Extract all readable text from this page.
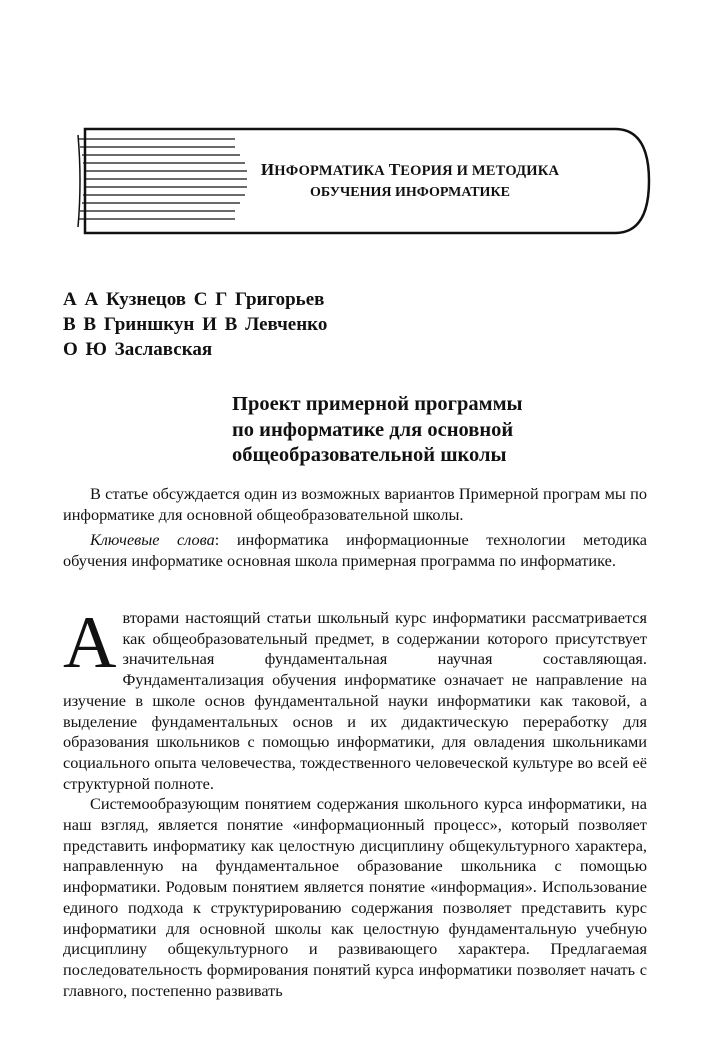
ИНФОРМАТИКА ТЕОРИЯ И МЕТОДИКА
ОБУЧЕНИЯ ИНФОРМАТИКЕ
А А Кузнецов С Г Григорьев
В В Гриншкун И В Левченко
О Ю Заславская
Проект примерной программы
по информатике для основной
общеобразовательной школы

В статье обсуждается один из возможных вариантов Примерной програм мы по информатике для основной общеобразовательной школы.

Ключевые слова: информатика информационные технологии методика обучения информатике основная школа примерная программа по информатике.

Авторами настоящий статьи школьный курс информатики рассматривается как общеобразовательный предмет, в содержании которого присутствует значительная фундаментальная научная составляющая. Фундаментализация обучения информатике означает не направление на изучение в школе основ фундаментальной науки информатики как таковой, а выделение фундаментальных основ и их дидактическую переработку для образования школьников с помощью информатики, для овладения школьниками социального опыта человечества, тождественного человеческой культуре во всей её структурной полноте.

Системообразующим понятием содержания школьного курса информатики, на наш взгляд, является понятие «информационный процесс», который позволяет представить информатику как целостную дисциплину общекультурного характера, направленную на фундаментальное образование школьника с помощью информатики. Родовым понятием является понятие «информация». Использование единого подхода к структурированию содержания позволяет представить курс информатики для основной школы как целостную фундаментальную учебную дисциплину общекультурного и развивающего характера. Предлагаемая последовательность формирования понятий курса информатики позволяет начать с главного, постепенно развивать
